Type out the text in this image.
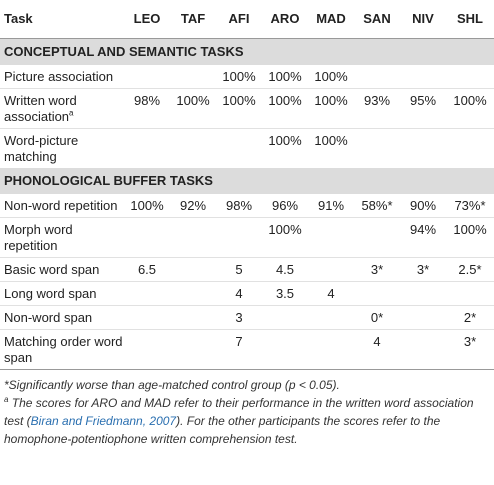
Task	LEO	TAF	AFI	ARO	MAD	SAN	NIV	SHL
CONCEPTUAL AND SEMANTIC TASKS								
Picture association			100%	100%	100%			
Written word association$^a$	98%	100%	100%	100%	100%	93%	95%	100%
Word-picture matching				100%	100%			
PHONOLOGICAL BUFFER TASKS								
Non-word repetition	100%	92%	98%	96%	91%	58%*	90%	73%*
Morph word repetition				100%			94%	100%
Basic word span	6.5		5	4.5		3*	3*	2.5*
Long word span			4	3.5	4			
Non-word span			3			0*		2*
Matching order word span			7			4		3*
*Significantly worse than age-matched control group (p < 0.05).
$^a$ The scores for ARO and MAD refer to their performance in the written word association test (Biran and Friedmann, 2007). For the other participants the scores refer to the homophone-potentiophone written comprehension test.
